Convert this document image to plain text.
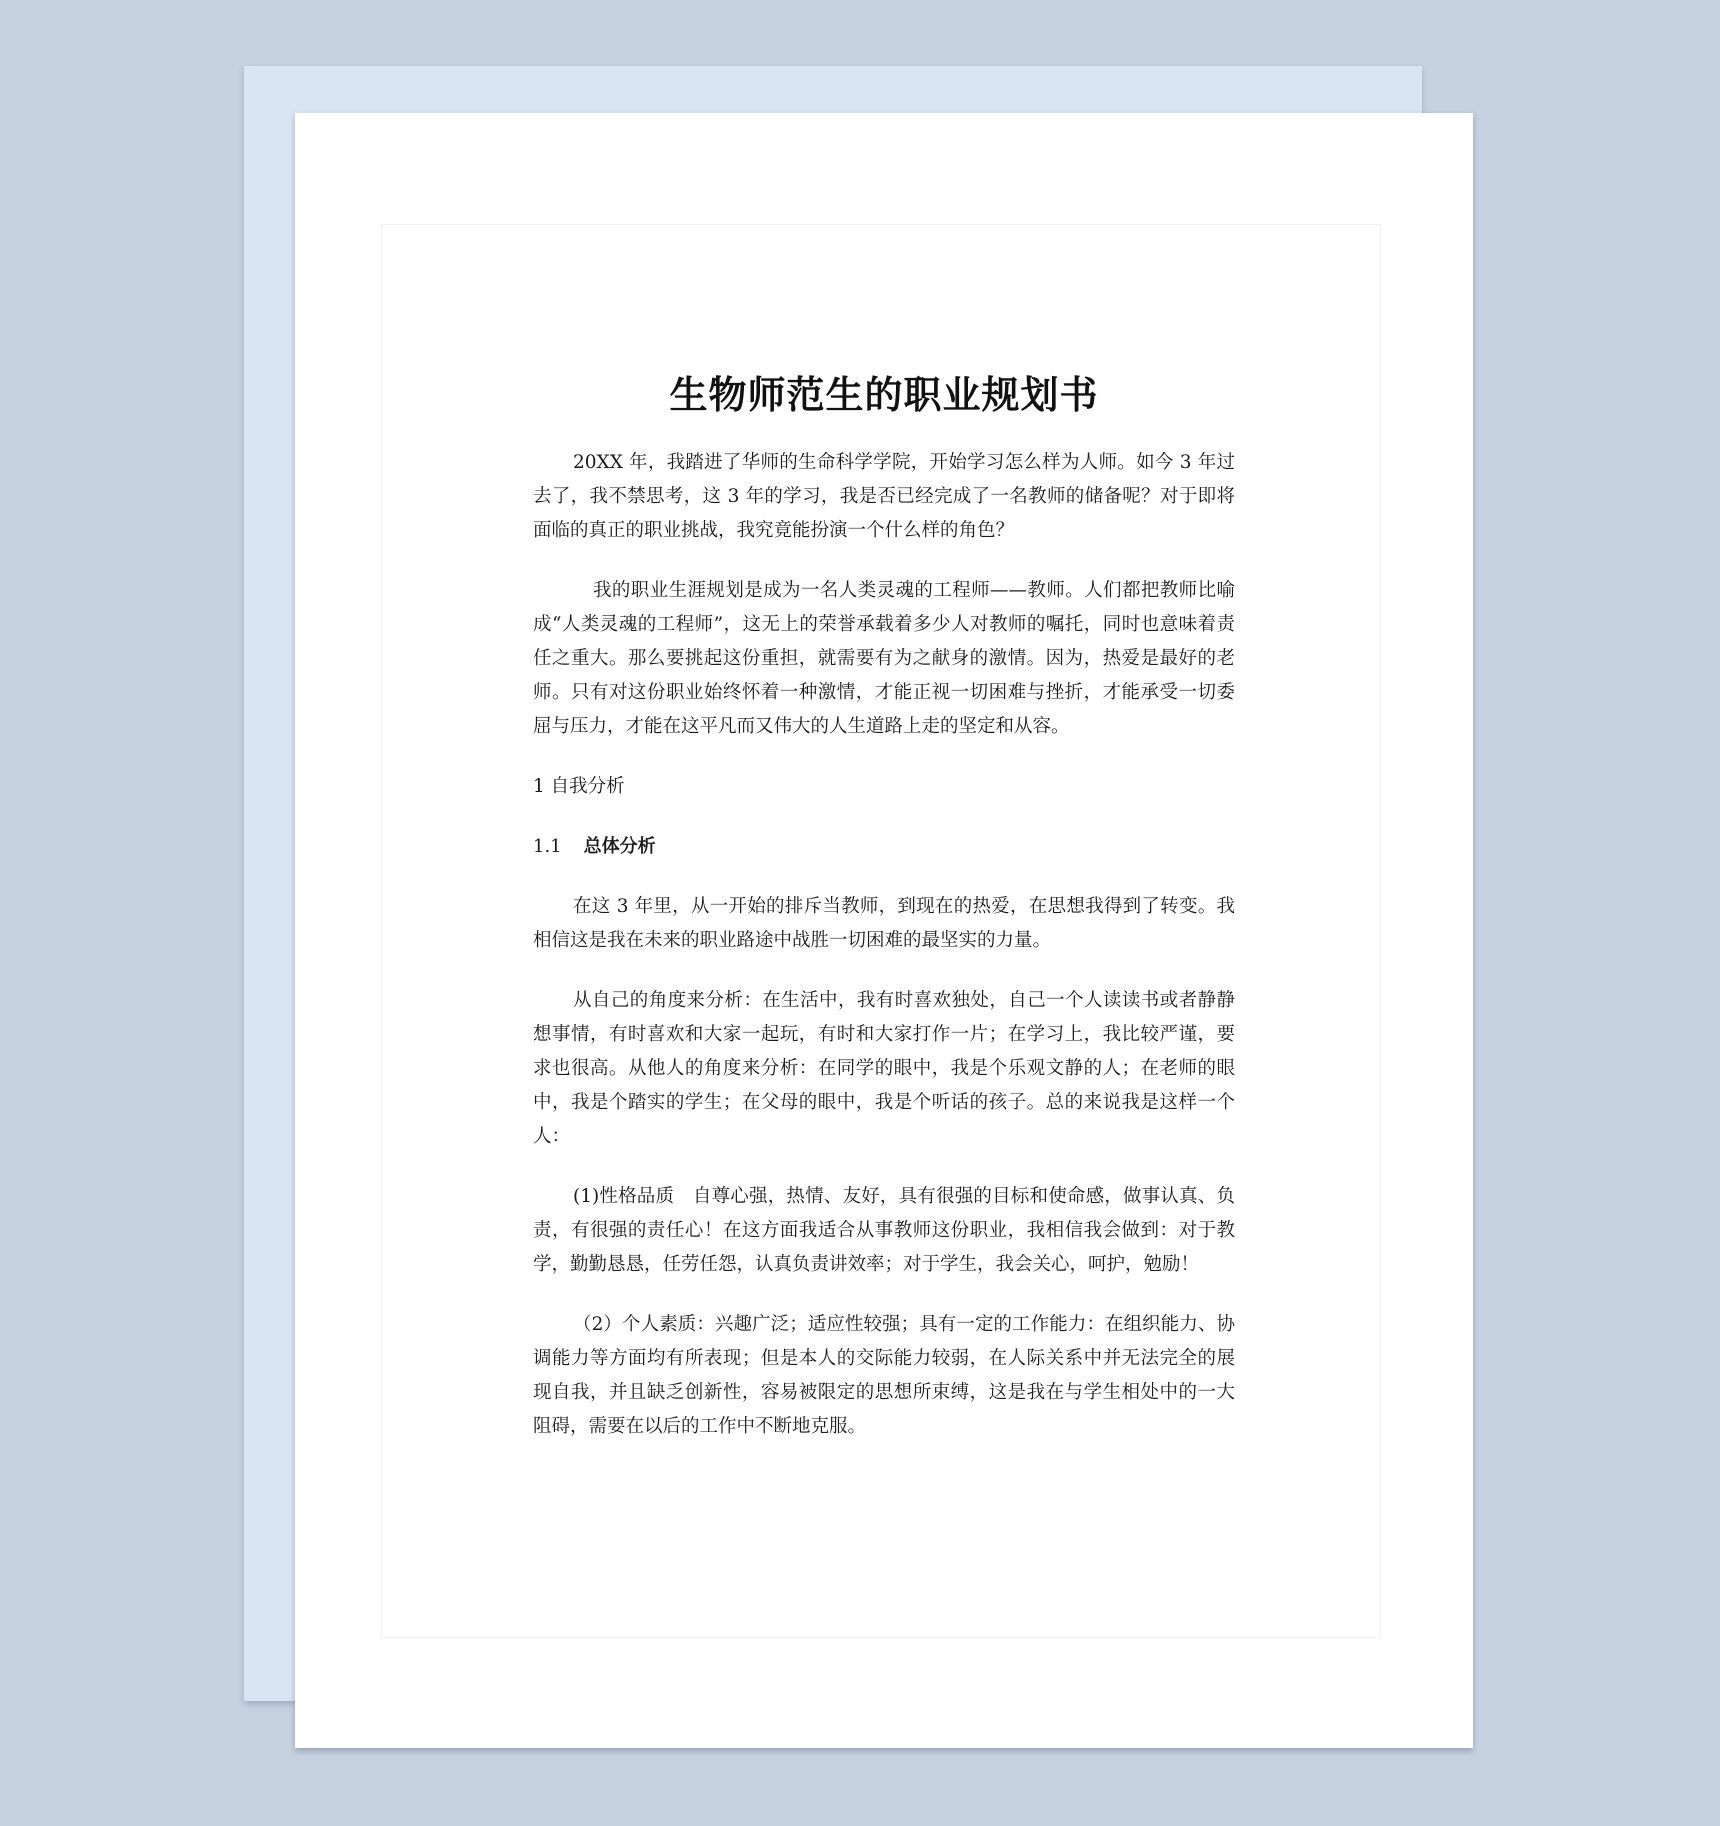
生物师范生的职业规划书

20XX 年，我踏进了华师的生命科学学院，开始学习怎么样为人师。如今 3 年过去了，我不禁思考，这 3 年的学习，我是否已经完成了一名教师的储备呢？对于即将面临的真正的职业挑战，我究竟能扮演一个什么样的角色？

我的职业生涯规划是成为一名人类灵魂的工程师——教师。人们都把教师比喻成“人类灵魂的工程师”，这无上的荣誉承载着多少人对教师的嘱托，同时也意味着责任之重大。那么要挑起这份重担，就需要有为之献身的激情。因为，热爱是最好的老师。只有对这份职业始终怀着一种激情，才能正视一切困难与挫折，才能承受一切委屈与压力，才能在这平凡而又伟大的人生道路上走的坚定和从容。

1 自我分析
1.1 总体分析

在这 3 年里，从一开始的排斥当教师，到现在的热爱，在思想我得到了转变。我相信这是我在未来的职业路途中战胜一切困难的最坚实的力量。

从自己的角度来分析：在生活中，我有时喜欢独处，自己一个人读读书或者静静想事情，有时喜欢和大家一起玩，有时和大家打作一片；在学习上，我比较严谨，要求也很高。从他人的角度来分析：在同学的眼中，我是个乐观文静的人；在老师的眼中，我是个踏实的学生；在父母的眼中，我是个听话的孩子。总的来说我是这样一个人：

(1)性格品质　自尊心强，热情、友好，具有很强的目标和使命感，做事认真、负责，有很强的责任心！在这方面我适合从事教师这份职业，我相信我会做到：对于教学，勤勤恳恳，任劳任怨，认真负责讲效率；对于学生，我会关心，呵护，勉励！

（2）个人素质：兴趣广泛；适应性较强；具有一定的工作能力：在组织能力、协调能力等方面均有所表现；但是本人的交际能力较弱，在人际关系中并无法完全的展现自我，并且缺乏创新性，容易被限定的思想所束缚，这是我在与学生相处中的一大阻碍，需要在以后的工作中不断地克服。
